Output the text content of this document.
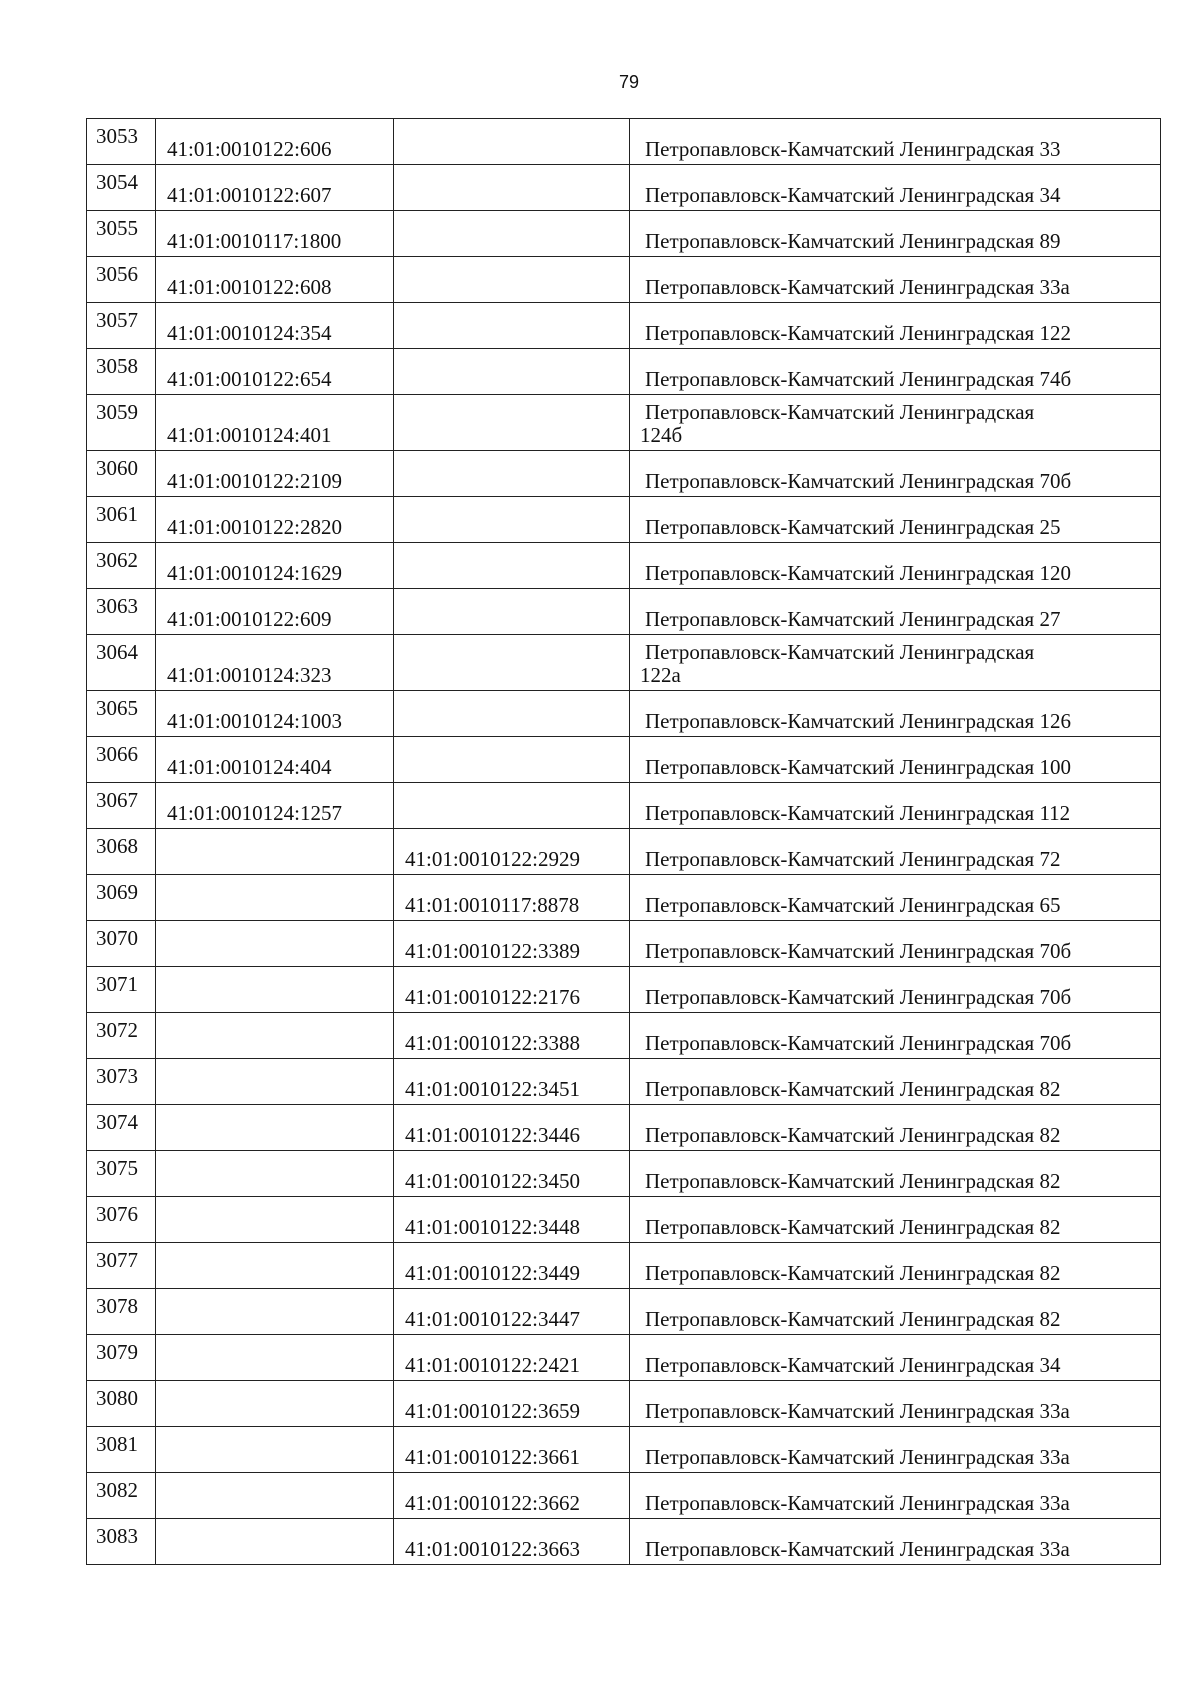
79
3053	41:01:0010122:606		Петропавловск-Камчатский Ленинградская 33
3054	41:01:0010122:607		Петропавловск-Камчатский Ленинградская 34
3055	41:01:0010117:1800		Петропавловск-Камчатский Ленинградская 89
3056	41:01:0010122:608		Петропавловск-Камчатский Ленинградская 33а
3057	41:01:0010124:354		Петропавловск-Камчатский Ленинградская 122
3058	41:01:0010122:654		Петропавловск-Камчатский Ленинградская 74б
3059	41:01:0010124:401		Петропавловск-Камчатский Ленинградская
124б

3060	41:01:0010122:2109		Петропавловск-Камчатский Ленинградская 70б
3061	41:01:0010122:2820		Петропавловск-Камчатский Ленинградская 25
3062	41:01:0010124:1629		Петропавловск-Камчатский Ленинградская 120
3063	41:01:0010122:609		Петропавловск-Камчатский Ленинградская 27
3064	41:01:0010124:323		Петропавловск-Камчатский Ленинградская
122а

3065	41:01:0010124:1003		Петропавловск-Камчатский Ленинградская 126
3066	41:01:0010124:404		Петропавловск-Камчатский Ленинградская 100
3067	41:01:0010124:1257		Петропавловск-Камчатский Ленинградская 112
3068		41:01:0010122:2929	Петропавловск-Камчатский Ленинградская 72
3069		41:01:0010117:8878	Петропавловск-Камчатский Ленинградская 65
3070		41:01:0010122:3389	Петропавловск-Камчатский Ленинградская 70б
3071		41:01:0010122:2176	Петропавловск-Камчатский Ленинградская 70б
3072		41:01:0010122:3388	Петропавловск-Камчатский Ленинградская 70б
3073		41:01:0010122:3451	Петропавловск-Камчатский Ленинградская 82
3074		41:01:0010122:3446	Петропавловск-Камчатский Ленинградская 82
3075		41:01:0010122:3450	Петропавловск-Камчатский Ленинградская 82
3076		41:01:0010122:3448	Петропавловск-Камчатский Ленинградская 82
3077		41:01:0010122:3449	Петропавловск-Камчатский Ленинградская 82
3078		41:01:0010122:3447	Петропавловск-Камчатский Ленинградская 82
3079		41:01:0010122:2421	Петропавловск-Камчатский Ленинградская 34
3080		41:01:0010122:3659	Петропавловск-Камчатский Ленинградская 33а
3081		41:01:0010122:3661	Петропавловск-Камчатский Ленинградская 33а
3082		41:01:0010122:3662	Петропавловск-Камчатский Ленинградская 33а
3083		41:01:0010122:3663	Петропавловск-Камчатский Ленинградская 33а
